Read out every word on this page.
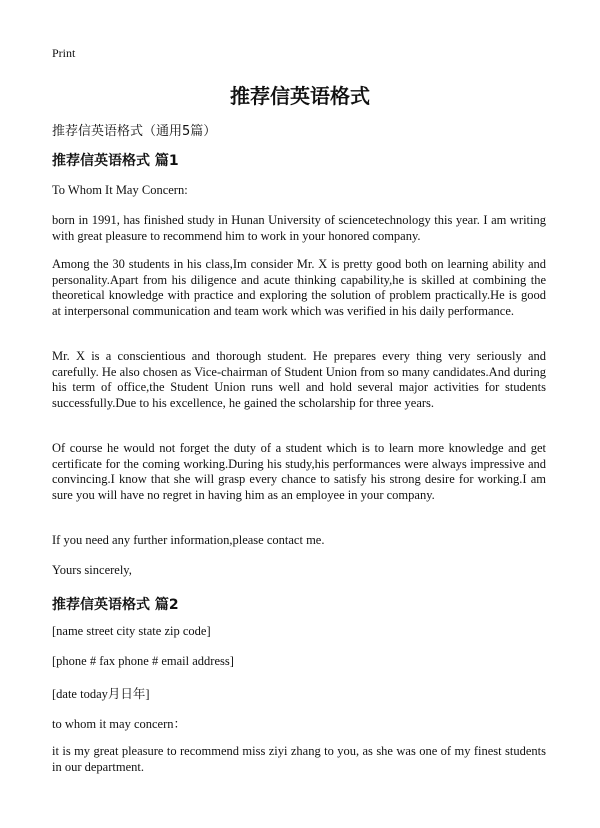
Print
推荐信英语格式
推荐信英语格式（通用5篇）
推荐信英语格式 篇1
To Whom It May Concern:
born in 1991, has finished study in Hunan University of sciencetechnology this year. I am writing with great pleasure to recommend him to work in your honored company.
Among the 30 students in his class,Im consider Mr. X is pretty good both on learning ability and personality.Apart from his diligence and acute thinking capability,he is skilled at combining the theoretical knowledge with practice and exploring the solution of problem practically.He is good at interpersonal communication and team work which was verified in his daily performance.
Mr. X is a conscientious and thorough student. He prepares every thing very seriously and carefully. He also chosen as Vice-chairman of Student Union from so many candidates.And during his term of office,the Student Union runs well and hold several major activities for students successfully.Due to his excellence, he gained the scholarship for three years.
Of course he would not forget the duty of a student which is to learn more knowledge and get certificate for the coming working.During his study,his performances were always impressive and convincing.I know that she will grasp every chance to satisfy his strong desire for working.I am sure you will have no regret in having him as an employee in your company.
If you need any further information,please contact me.
Yours sincerely,
推荐信英语格式 篇2
[name street city state zip code]
[phone # fax phone # email address]
[date today月日年]
to whom it may concern：
it is my great pleasure to recommend miss ziyi zhang to you, as she was one of my finest students in our department.
